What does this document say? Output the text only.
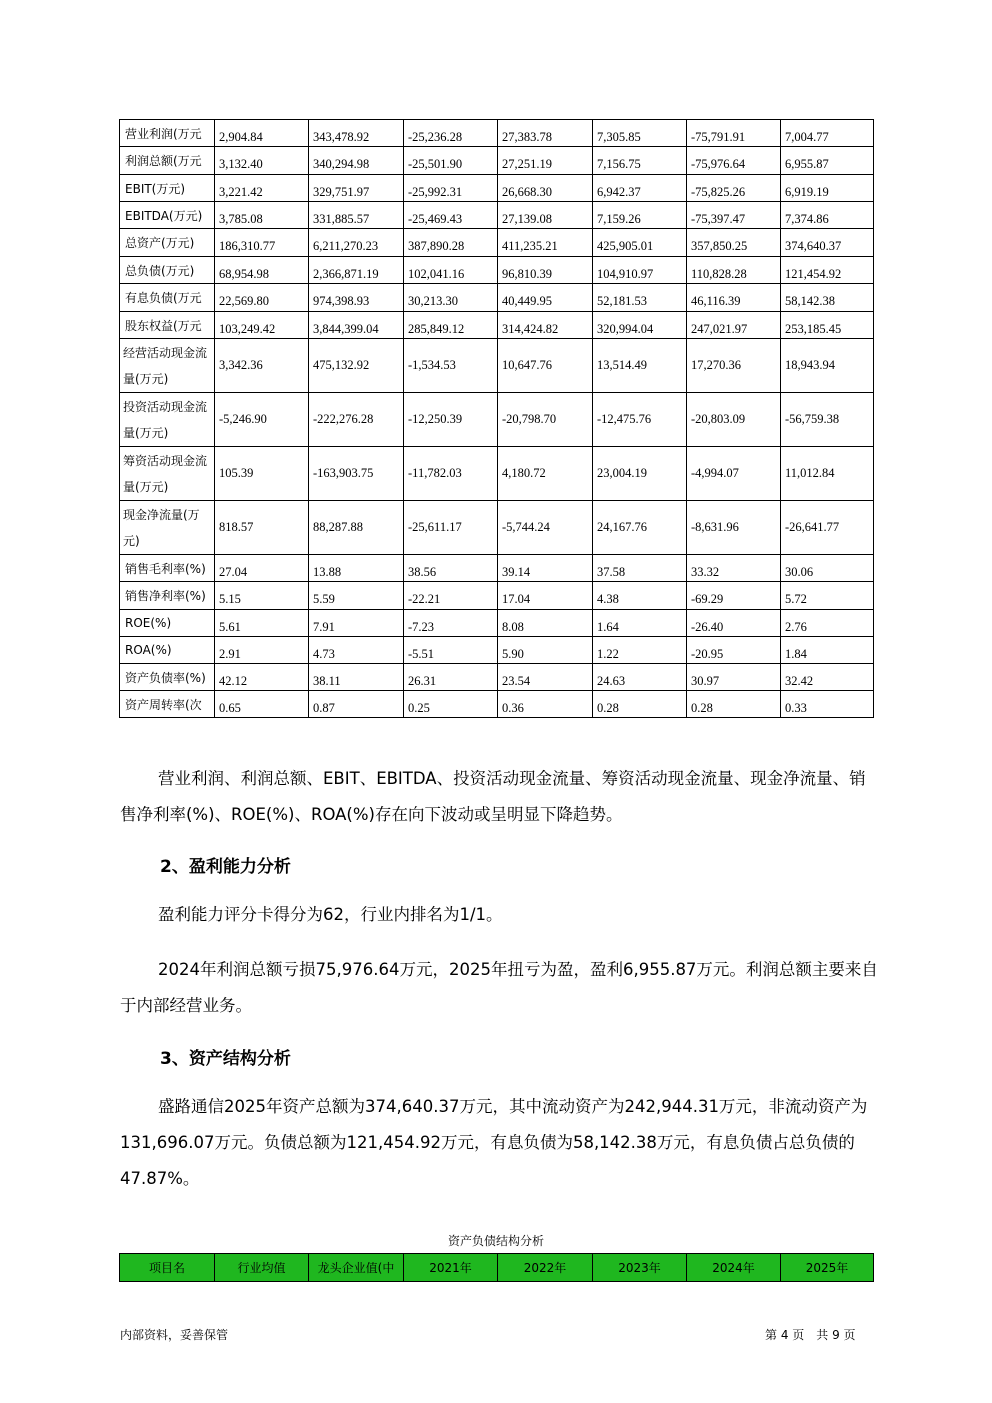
营业利润(万元	2,904.84	343,478.92	-25,236.28	27,383.78	7,305.85	-75,791.91	7,004.77
利润总额(万元	3,132.40	340,294.98	-25,501.90	27,251.19	7,156.75	-75,976.64	6,955.87
EBIT(万元)	3,221.42	329,751.97	-25,992.31	26,668.30	6,942.37	-75,825.26	6,919.19
EBITDA(万元)	3,785.08	331,885.57	-25,469.43	27,139.08	7,159.26	-75,397.47	7,374.86
总资产(万元)	186,310.77	6,211,270.23	387,890.28	411,235.21	425,905.01	357,850.25	374,640.37
总负债(万元)	68,954.98	2,366,871.19	102,041.16	96,810.39	104,910.97	110,828.28	121,454.92
有息负债(万元	22,569.80	974,398.93	30,213.30	40,449.95	52,181.53	46,116.39	58,142.38
股东权益(万元	103,249.42	3,844,399.04	285,849.12	314,424.82	320,994.04	247,021.97	253,185.45
经营活动现金流量(万元)	3,342.36	475,132.92	-1,534.53	10,647.76	13,514.49	17,270.36	18,943.94
投资活动现金流量(万元)	-5,246.90	-222,276.28	-12,250.39	-20,798.70	-12,475.76	-20,803.09	-56,759.38
筹资活动现金流量(万元)	105.39	-163,903.75	-11,782.03	4,180.72	23,004.19	-4,994.07	11,012.84
现金净流量(万元)	818.57	88,287.88	-25,611.17	-5,744.24	24,167.76	-8,631.96	-26,641.77
销售毛利率(%)	27.04	13.88	38.56	39.14	37.58	33.32	30.06
销售净利率(%)	5.15	5.59	-22.21	17.04	4.38	-69.29	5.72
ROE(%)	5.61	7.91	-7.23	8.08	1.64	-26.40	2.76
ROA(%)	2.91	4.73	-5.51	5.90	1.22	-20.95	1.84
资产负债率(%)	42.12	38.11	26.31	23.54	24.63	30.97	32.42
资产周转率(次	0.65	0.87	0.25	0.36	0.28	0.28	0.33

营业利润、利润总额、EBIT、EBITDA、投资活动现金流量、筹资活动现金流量、现金净流量、销售净利率(%)、ROE(%)、ROA(%)存在向下波动或呈明显下降趋势。

2、盈利能力分析

盈利能力评分卡得分为62，行业内排名为1/1。

2024年利润总额亏损75,976.64万元，2025年扭亏为盈，盈利6,955.87万元。利润总额主要来自于内部经营业务。

3、资产结构分析

盛路通信2025年资产总额为374,640.37万元，其中流动资产为242,944.31万元，非流动资产为131,696.07万元。负债总额为121,454.92万元，有息负债为58,142.38万元，有息负债占总负债的47.87%。

资产负债结构分析
项目名	行业均值	龙头企业值(中	2021年	2022年	2023年	2024年	2025年
内部资料，妥善保管	第 4 页　共 9 页
